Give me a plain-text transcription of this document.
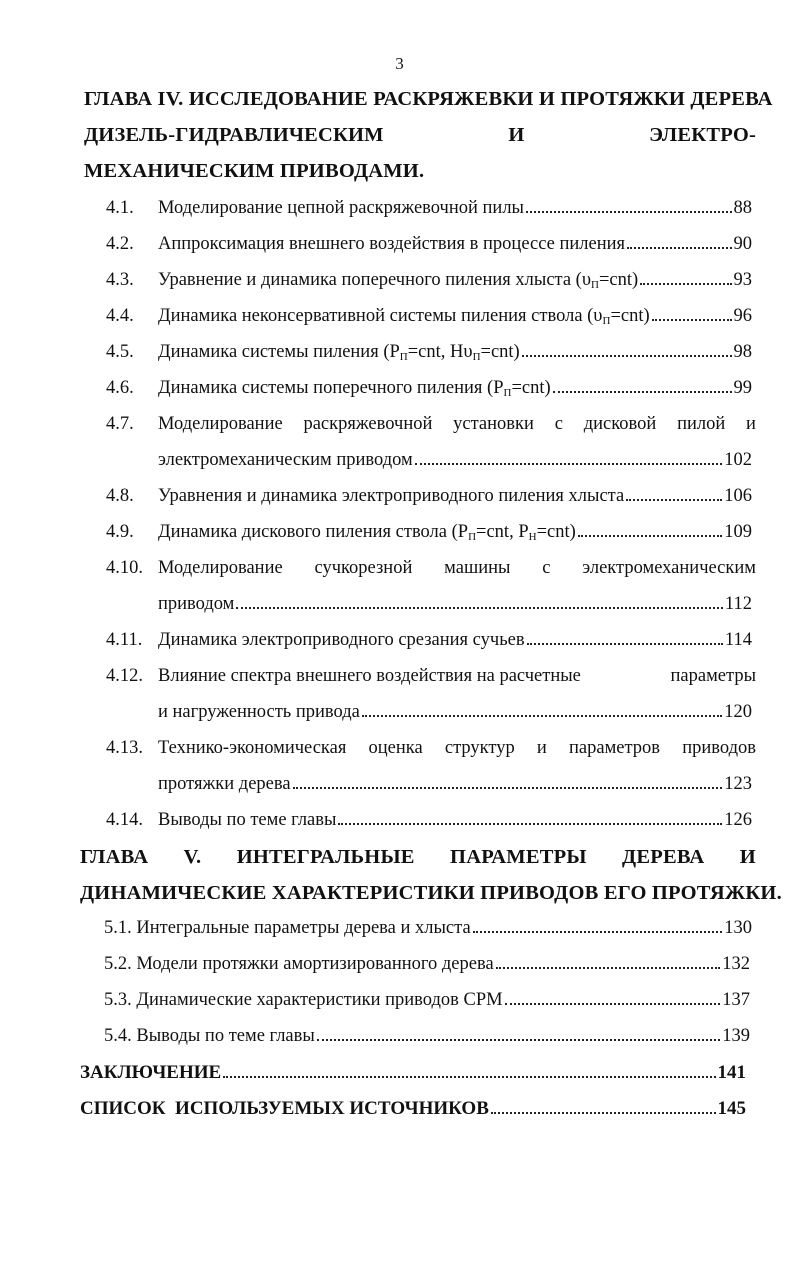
3
ГЛАВА IV. ИССЛЕДОВАНИЕ РАСКРЯЖЕВКИ И ПРОТЯЖКИ ДЕРЕВА
ДИЗЕЛЬ-ГИДРАВЛИЧЕСКИМ	И	ЭЛЕКТРО-
МЕХАНИЧЕСКИМ ПРИВОДАМИ.
4.1. Моделирование цепной раскряжевочной пилы	88
4.2. Аппроксимация внешнего воздействия в процессе пиления	90
4.3. Уравнение и динамика поперечного пиления хлыста $(\upsilon_П=cnt)$	93
4.4. Динамика неконсервативной системы пиления ствола $(\upsilon_П=cnt)$	96
4.5. Динамика системы пиления ($P_П=cnt$, $H\upsilon_П=cnt$)	98
4.6. Динамика системы поперечного пиления $(P_П=cnt)$	99
4.7. Моделирование раскряжевочной установки с дисковой пилой и
электромеханическим приводом	102
4.8. Уравнения и динамика электроприводного пиления хлыста	106
4.9. Динамика дискового пиления ствола ($P_П=cnt$, $P_Н=cnt$)	109
4.10. Моделирование сучкорезной машины с электромеханическим
приводом	112
4.11. Динамика электроприводного срезания сучьев	114
4.12. Влияние спектра внешнего воздействия на расчетные	параметры
и нагруженность привода	120
4.13. Технико-экономическая оценка структур и параметров приводов
протяжки дерева	123
4.14. Выводы по теме главы	126
ГЛАВА V. ИНТЕГРАЛЬНЫЕ ПАРАМЕТРЫ ДЕРЕВА И
ДИНАМИЧЕСКИЕ ХАРАКТЕРИСТИКИ ПРИВОДОВ ЕГО ПРОТЯЖКИ.
5.1. Интегральные параметры дерева и хлыста	130
5.2. Модели протяжки амортизированного дерева	132
5.3. Динамические характеристики приводов СРМ	137
5.4. Выводы по теме главы	139
ЗАКЛЮЧЕНИЕ	141
СПИСОК  ИСПОЛЬЗУЕМЫХ ИСТОЧНИКОВ	145
